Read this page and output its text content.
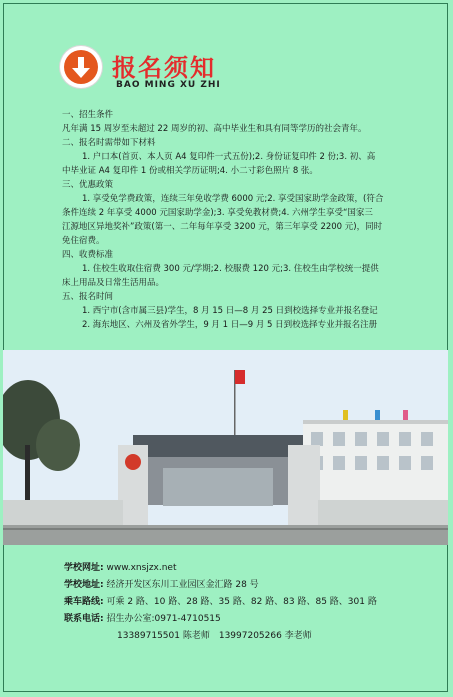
报名须知
BAO MING XU ZHI

一、招生条件

凡年满 15 周岁至未超过 22 周岁的初、高中毕业生和具有同等学历的社会青年。

二、报名时需带如下材料

1. 户口本(首页、本人页 A4 复印件一式五份);2. 身份证复印件 2 份;3. 初、高

中毕业证 A4 复印件 1 份或相关学历证明;4. 小二寸彩色照片 8 张。

三、优惠政策

1. 享受免学费政策，连续三年免收学费 6000 元;2. 享受国家助学金政策，(符合

条件连续 2 年享受 4000 元国家助学金);3. 享受免教材费;4. 六州学生享受“国家三

江源地区异地奖补”政策(第一、二年每年享受 3200 元，第三年享受 2200 元)，同时

免住宿费。

四、收费标准

1. 住校生收取住宿费 300 元/学期;2. 校服费 120 元;3. 住校生由学校统一提供

床上用品及日常生活用品。

五、报名时间

1. 西宁市(含市属三县)学生，8 月 15 日—8 月 25 日到校选择专业并报名登记

2. 海东地区、六州及省外学生，9 月 1 日—9 月 5 日到校选择专业并报名注册

学校网址: www.xnsjzx.net
学校地址: 经济开发区东川工业园区金汇路 28 号
乘车路线: 可乘 2 路、10 路、28 路、35 路、82 路、83 路、85 路、301 路
联系电话: 招生办公室:0971-4710515
13389715501 陈老师　13997205266 李老师
